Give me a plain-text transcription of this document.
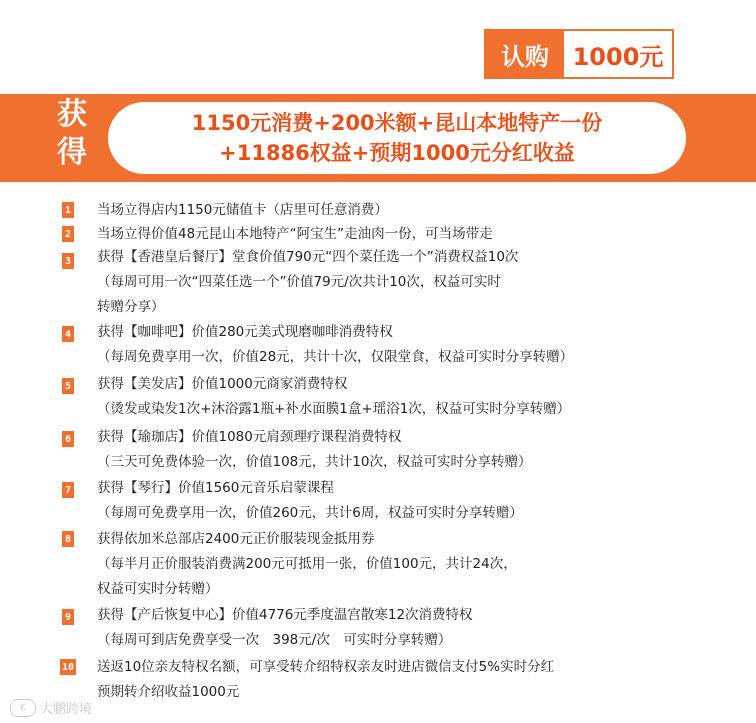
认购 1000元
获
得
1150元消费+200米额+昆山本地特产一份
+11886权益+预期1000元分红收益
1 当场立得店内1150元储值卡（店里可任意消费）
2 当场立得价值48元昆山本地特产“阿宝生”走油肉一份，可当场带走
3 获得【香港皇后餐厅】堂食价值790元“四个菜任选一个”消费权益10次
（每周可用一次“四菜任选一个”价值79元/次共计10次，权益可实时
转赠分享）
4 获得【咖啡吧】价值280元美式现磨咖啡消费特权
（每周免费享用一次，价值28元，共计十次，仅限堂食，权益可实时分享转赠）
5 获得【美发店】价值1000元商家消费特权
（烫发或染发1次+沐浴露1瓶+补水面膜1盒+瑶浴1次，权益可实时分享转赠）
6 获得【瑜珈店】价值1080元肩颈理疗课程消费特权
（三天可免费体验一次，价值108元，共计10次，权益可实时分享转赠）
7 获得【琴行】价值1560元音乐启蒙课程
（每周可免费享用一次，价值260元，共计6周，权益可实时分享转赠）
8 获得依加米总部店2400元正价服装现金抵用券
（每半月正价服装消费满200元可抵用一张，价值100元，共计24次，
权益可实时分转赠）
9 获得【产后恢复中心】价值4776元季度温宫散寒12次消费特权
（每周可到店免费享受一次　398元/次　可实时分享转赠）
10 送返10位亲友特权名额，可享受转介绍特权亲友时进店微信支付5%实时分红
预期转介绍收益1000元
K	大鹏跨境
